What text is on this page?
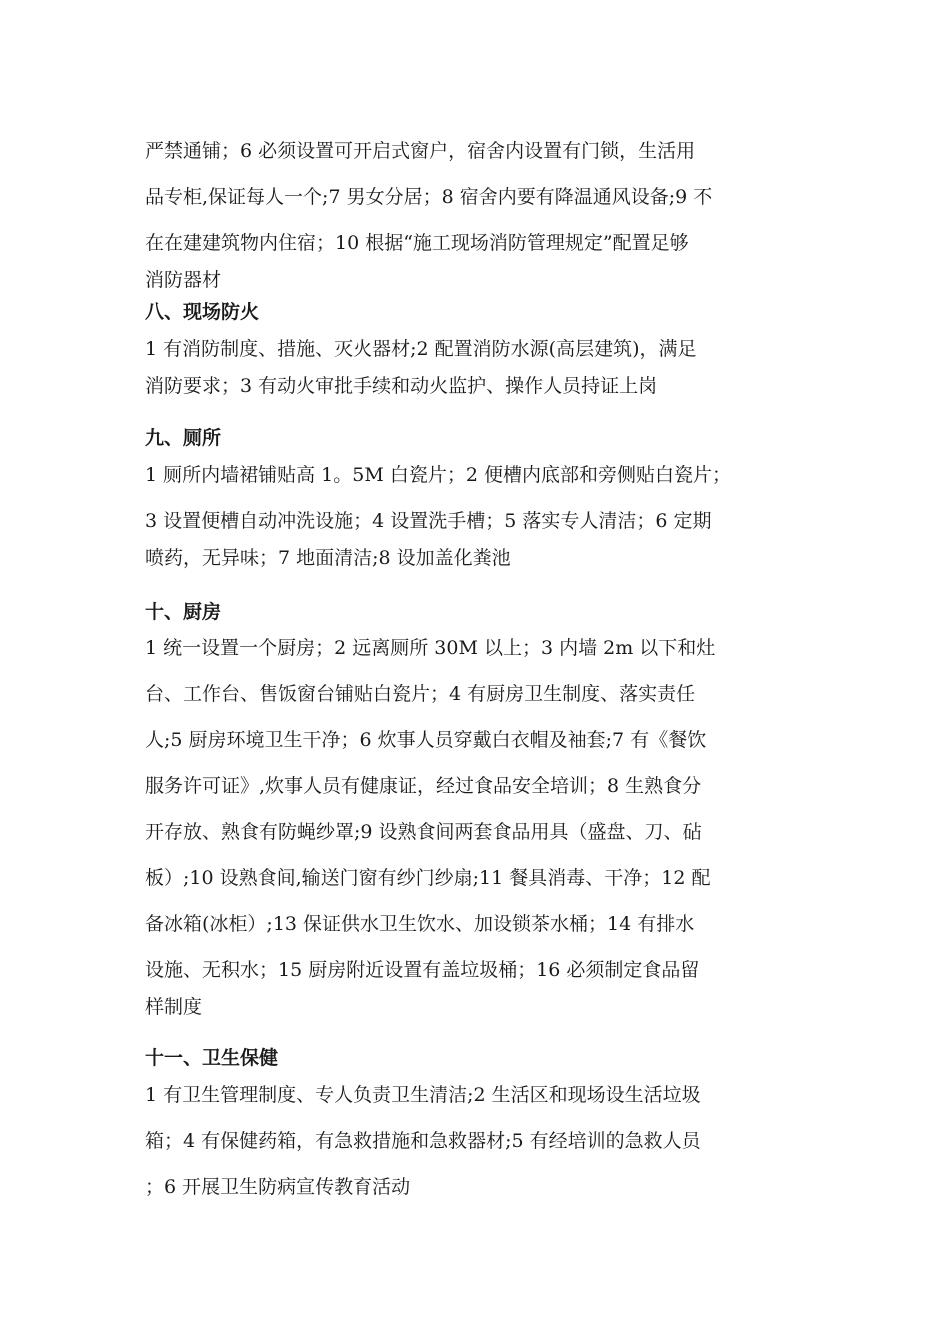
严禁通铺；6 必须设置可开启式窗户，宿舍内设置有门锁，生活用
品专柜,保证每人一个;7 男女分居；8 宿舍内要有降温通风设备;9 不
在在建建筑物内住宿；10 根据“施工现场消防管理规定”配置足够
消防器材
八、现场防火
1 有消防制度、措施、灭火器材;2 配置消防水源(高层建筑)，满足
消防要求；3 有动火审批手续和动火监护、操作人员持证上岗
九、厕所
1 厕所内墙裙铺贴高 1。5M 白瓷片；2 便槽内底部和旁侧贴白瓷片；
3 设置便槽自动冲洗设施；4 设置洗手槽；5 落实专人清洁；6 定期
喷药，无异味；7 地面清洁;8 设加盖化粪池
十、厨房
1 统一设置一个厨房；2 远离厕所 30M 以上；3 内墙 2m 以下和灶
台、工作台、售饭窗台铺贴白瓷片；4 有厨房卫生制度、落实责任
人;5 厨房环境卫生干净；6 炊事人员穿戴白衣帽及袖套;7 有《餐饮
服务许可证》,炊事人员有健康证，经过食品安全培训；8 生熟食分
开存放、熟食有防蝇纱罩;9 设熟食间两套食品用具（盛盘、刀、砧
板）;10 设熟食间,输送门窗有纱门纱扇;11 餐具消毒、干净；12 配
备冰箱(冰柜）;13 保证供水卫生饮水、加设锁茶水桶；14 有排水
设施、无积水；15 厨房附近设置有盖垃圾桶；16 必须制定食品留
样制度
十一、卫生保健
1 有卫生管理制度、专人负责卫生清洁;2 生活区和现场设生活垃圾
箱；4 有保健药箱，有急救措施和急救器材;5 有经培训的急救人员
；6 开展卫生防病宣传教育活动
